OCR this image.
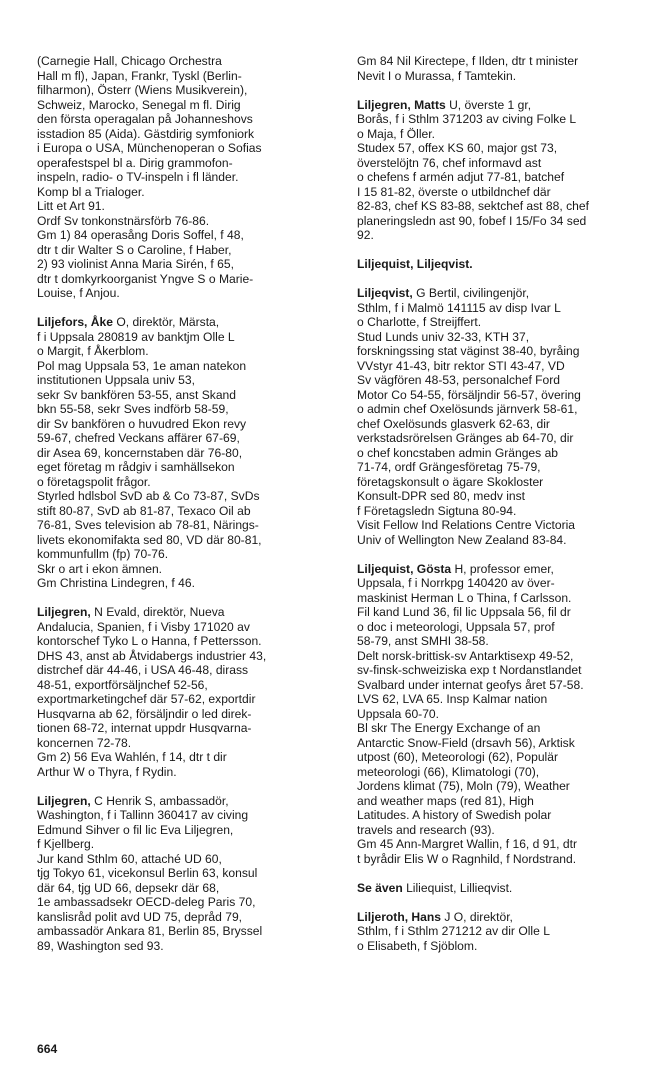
(Carnegie Hall, Chicago Orchestra
Hall m fl), Japan, Frankr, Tyskl (Berlin-
filharmon), Österr (Wiens Musikverein),
Schweiz, Marocko, Senegal m fl. Dirig
den första operagalan på Johanneshovs
isstadion 85 (Aida). Gästdirig symfoniork
i Europa o USA, Münchenoperan o Sofias
operafestspel bl a. Dirig grammofon-
inspeln, radio- o TV-inspeln i fl länder.
Komp bl a Trialoger.
Litt et Art 91.
Ordf Sv tonkonstnärsförb 76-86.
Gm 1) 84 operasång Doris Soffel, f 48,
dtr t dir Walter S o Caroline, f Haber,
2) 93 violinist Anna Maria Sirén, f 65,
dtr t domkyrkoorganist Yngve S o Marie-
Louise, f Anjou.
Liljefors, Åke O, direktör, Märsta,
f i Uppsala 280819 av banktjm Olle L
o Margit, f Åkerblom.
Pol mag Uppsala 53, 1e aman natekon
institutionen Uppsala univ 53,
sekr Sv bankfören 53-55, anst Skand
bkn 55-58, sekr Sves indförb 58-59,
dir Sv bankfören o huvudred Ekon revy
59-67, chefred Veckans affärer 67-69,
dir Asea 69, koncernstaben där 76-80,
eget företag m rådgiv i samhällsekon
o företagspolit frågor.
Styrled hdlsbol SvD ab & Co 73-87, SvDs
stift 80-87, SvD ab 81-87, Texaco Oil ab
76-81, Sves television ab 78-81, Närings-
livets ekonomifakta sed 80, VD där 80-81,
kommunfullm (fp) 70-76.
Skr o art i ekon ämnen.
Gm Christina Lindegren, f 46.
Liljegren, N Evald, direktör, Nueva
Andalucia, Spanien, f i Visby 171020 av
kontorschef Tyko L o Hanna, f Pettersson.
DHS 43, anst ab Åtvidabergs industrier 43,
distrchef där 44-46, i USA 46-48, dirass
48-51, exportförsäljnchef 52-56,
exportmarketingchef där 57-62, exportdir
Husqvarna ab 62, försäljndir o led direk-
tionen 68-72, internat uppdr Husqvarna-
koncernen 72-78.
Gm 2) 56 Eva Wahlén, f 14, dtr t dir
Arthur W o Thyra, f Rydin.
Liljegren, C Henrik S, ambassadör,
Washington, f i Tallinn 360417 av civing
Edmund Sihver o fil lic Eva Liljegren,
f Kjellberg.
Jur kand Sthlm 60, attaché UD 60,
tjg Tokyo 61, vicekonsul Berlin 63, konsul
där 64, tjg UD 66, depsekr där 68,
1e ambassadsekr OECD-deleg Paris 70,
kanslisråd polit avd UD 75, depråd 79,
ambassadör Ankara 81, Berlin 85, Bryssel
89, Washington sed 93.
Gm 84 Nil Kirectepe, f Ilden, dtr t minister
Nevit I o Murassa, f Tamtekin.
Liljegren, Matts U, överste 1 gr,
Borås, f i Sthlm 371203 av civing Folke L
o Maja, f Öller.
Studex 57, offex KS 60, major gst 73,
överstelöjtn 76, chef informavd ast
o chefens f armén adjut 77-81, batchef
I 15 81-82, överste o utbildnchef där
82-83, chef KS 83-88, sektchef ast 88, chef
planeringsledn ast 90, fobef I 15/Fo 34 sed
92.
Liljequist, Liljeqvist.
Liljeqvist, G Bertil, civilingenjör,
Sthlm, f i Malmö 141115 av disp Ivar L
o Charlotte, f Streijffert.
Stud Lunds univ 32-33, KTH 37,
forskningssing stat väginst 38-40, byråing
VVstyr 41-43, bitr rektor STI 43-47, VD
Sv vägfören 48-53, personalchef Ford
Motor Co 54-55, försäljndir 56-57, övering
o admin chef Oxelösunds järnverk 58-61,
chef Oxelösunds glasverk 62-63, dir
verkstadsrörelsen Gränges ab 64-70, dir
o chef koncstaben admin Gränges ab
71-74, ordf Grängesföretag 75-79,
företagskonsult o ägare Skokloster
Konsult-DPR sed 80, medv inst
f Företagsledn Sigtuna 80-94.
Visit Fellow Ind Relations Centre Victoria
Univ of Wellington New Zealand 83-84.
Liljequist, Gösta H, professor emer,
Uppsala, f i Norrkpg 140420 av över-
maskinist Herman L o Thina, f Carlsson.
Fil kand Lund 36, fil lic Uppsala 56, fil dr
o doc i meteorologi, Uppsala 57, prof
58-79, anst SMHI 38-58.
Delt norsk-brittisk-sv Antarktisexp 49-52,
sv-finsk-schweiziska exp t Nordanstlandet
Svalbard under internat geofys året 57-58.
LVS 62, LVA 65. Insp Kalmar nation
Uppsala 60-70.
Bl skr The Energy Exchange of an
Antarctic Snow-Field (drsavh 56), Arktisk
utpost (60), Meteorologi (62), Populär
meteorologi (66), Klimatologi (70),
Jordens klimat (75), Moln (79), Weather
and weather maps (red 81), High
Latitudes. A history of Swedish polar
travels and research (93).
Gm 45 Ann-Margret Wallin, f 16, d 91, dtr
t byrådir Elis W o Ragnhild, f Nordstrand.
Se även Liliequist, Lillieqvist.
Liljeroth, Hans J O, direktör,
Sthlm, f i Sthlm 271212 av dir Olle L
o Elisabeth, f Sjöblom.
664
